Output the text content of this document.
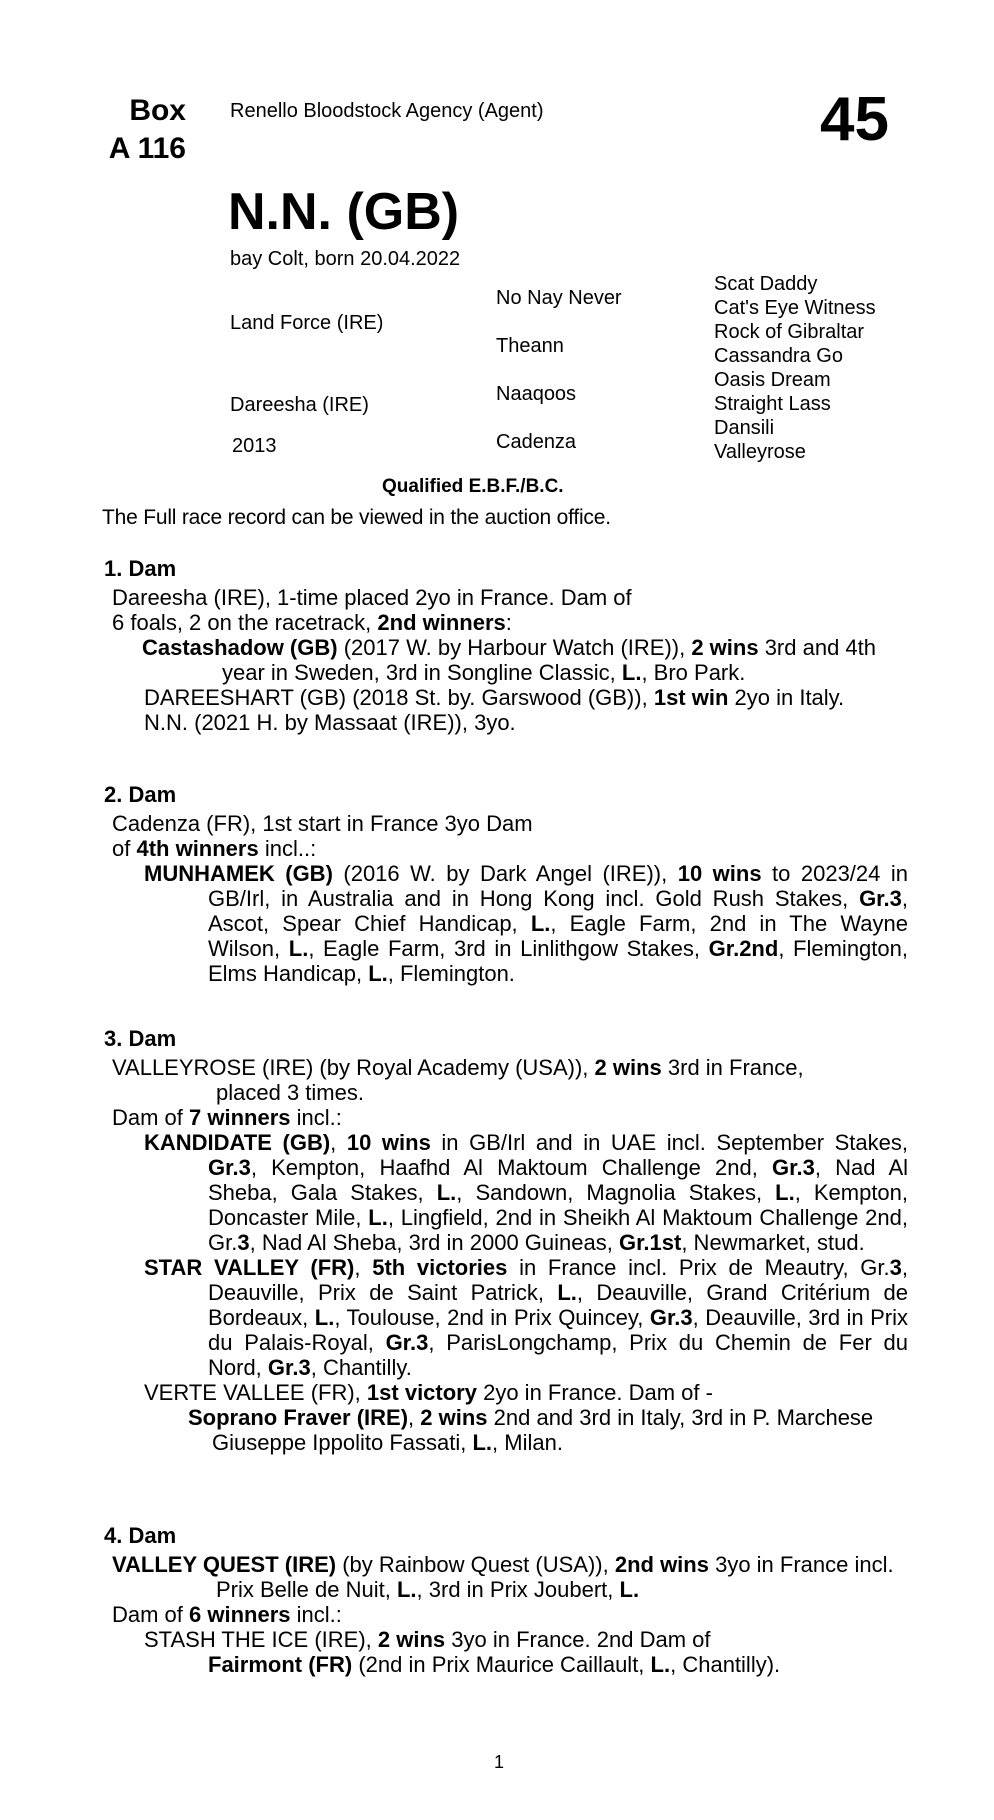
Box
A 116
Renello Bloodstock Agency (Agent)	45
N.N. (GB)
bay Colt, born 20.04.2022
Land Force (IRE)
Dareesha (IRE)
2013
No Nay Never
Theann
Naaqoos
Cadenza
Scat Daddy
Cat's Eye Witness
Rock of Gibraltar
Cassandra Go
Oasis Dream
Straight Lass
Dansili
Valleyrose
Qualified E.B.F./B.C.
The Full race record can be viewed in the auction office.
1. Dam
Dareesha (IRE), 1-time placed 2yo in France. Dam of
6 foals, 2 on the racetrack, 2nd winners:
Castashadow (GB) (2017 W. by Harbour Watch (IRE)), 2 wins 3rd and 4th year in Sweden, 3rd in Songline Classic, L., Bro Park.
DAREESHART (GB) (2018 St. by. Garswood (GB)), 1st win 2yo in Italy.
N.N. (2021 H. by Massaat (IRE)), 3yo.
2. Dam
Cadenza (FR), 1st start in France 3yo Dam
of 4th winners incl..:
MUNHAMEK (GB) (2016 W. by Dark Angel (IRE)), 10 wins to 2023/24 in GB/Irl, in Australia and in Hong Kong incl. Gold Rush Stakes, Gr.3, Ascot, Spear Chief Handicap, L., Eagle Farm, 2nd in The Wayne Wilson, L., Eagle Farm, 3rd in Linlithgow Stakes, Gr.2nd, Flemington, Elms Handicap, L., Flemington.
3. Dam
VALLEYROSE (IRE) (by Royal Academy (USA)), 2 wins 3rd in France, placed 3 times.
Dam of 7 winners incl.:
KANDIDATE (GB), 10 wins in GB/Irl and in UAE incl. September Stakes, Gr.3, Kempton, Haafhd Al Maktoum Challenge 2nd, Gr.3, Nad Al Sheba, Gala Stakes, L., Sandown, Magnolia Stakes, L., Kempton, Doncaster Mile, L., Lingfield, 2nd in Sheikh Al Maktoum Challenge 2nd, Gr.3, Nad Al Sheba, 3rd in 2000 Guineas, Gr.1st, Newmarket, stud.
STAR VALLEY (FR), 5th victories in France incl. Prix de Meautry, Gr.3, Deauville, Prix de Saint Patrick, L., Deauville, Grand Critérium de Bordeaux, L., Toulouse, 2nd in Prix Quincey, Gr.3, Deauville, 3rd in Prix du Palais-Royal, Gr.3, ParisLongchamp, Prix du Chemin de Fer du Nord, Gr.3, Chantilly.
VERTE VALLEE (FR), 1st victory 2yo in France. Dam of -
Soprano Fraver (IRE), 2 wins 2nd and 3rd in Italy, 3rd in P. Marchese Giuseppe Ippolito Fassati, L., Milan.
4. Dam
VALLEY QUEST (IRE) (by Rainbow Quest (USA)), 2nd wins 3yo in France incl. Prix Belle de Nuit, L., 3rd in Prix Joubert, L.
Dam of 6 winners incl.:
STASH THE ICE (IRE), 2 wins 3yo in France. 2nd Dam of
Fairmont (FR) (2nd in Prix Maurice Caillault, L., Chantilly).
1
